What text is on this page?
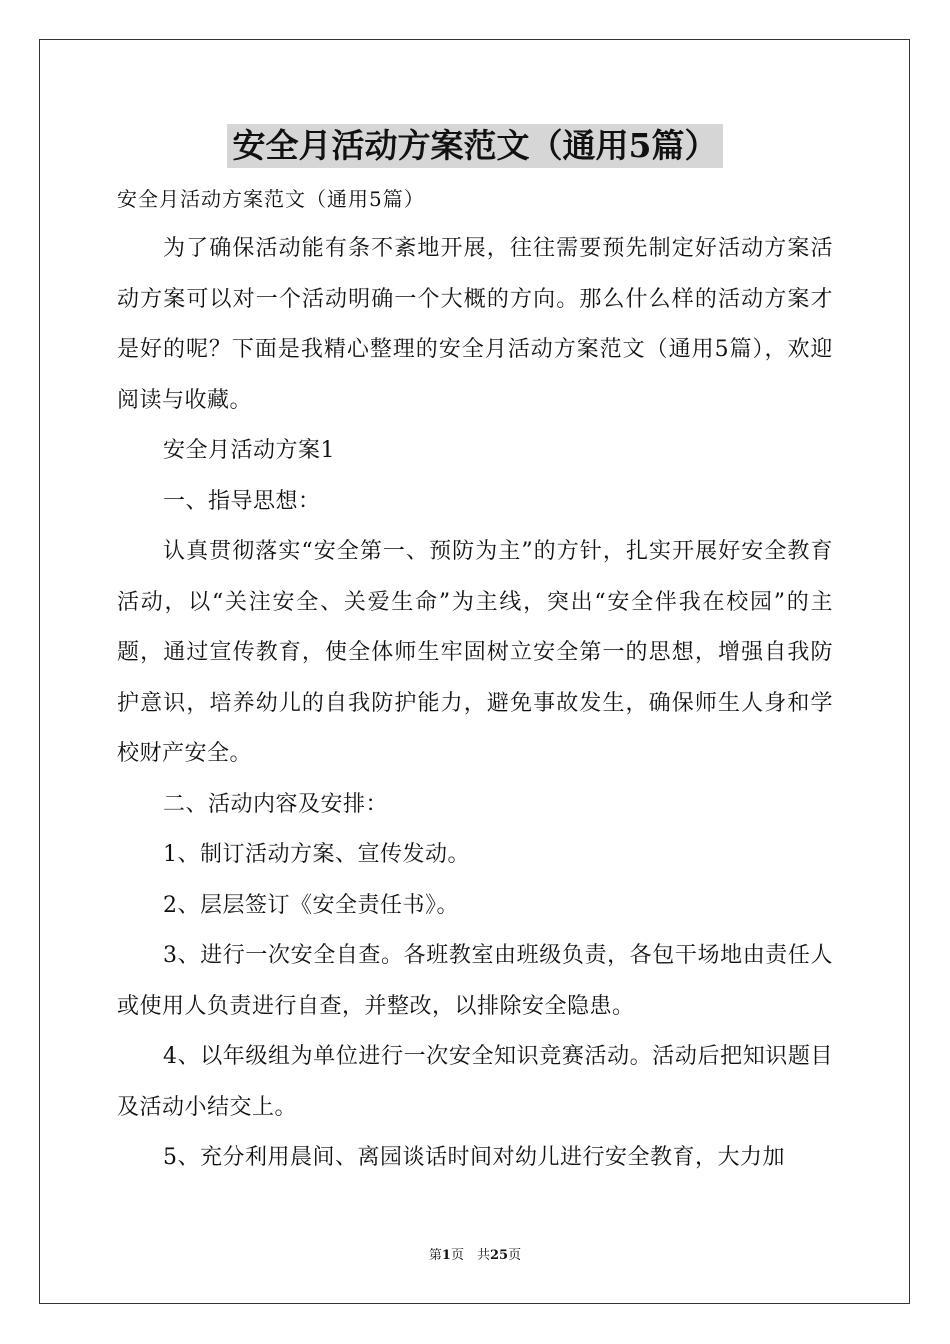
安全月活动方案范文（通用5篇）

安全月活动方案范文（通用5篇）

为了确保活动能有条不紊地开展，往往需要预先制定好活动方案活动方案可以对一个活动明确一个大概的方向。那么什么样的活动方案才是好的呢？下面是我精心整理的安全月活动方案范文（通用5篇），欢迎阅读与收藏。

安全月活动方案1

一、指导思想：

认真贯彻落实“安全第一、预防为主”的方针，扎实开展好安全教育活动，以“关注安全、关爱生命”为主线，突出“安全伴我在校园”的主题，通过宣传教育，使全体师生牢固树立安全第一的思想，增强自我防护意识，培养幼儿的自我防护能力，避免事故发生，确保师生人身和学校财产安全。

二、活动内容及安排：

1、制订活动方案、宣传发动。

2、层层签订《安全责任书》。

3、进行一次安全自查。各班教室由班级负责，各包干场地由责任人或使用人负责进行自查，并整改，以排除安全隐患。

4、以年级组为单位进行一次安全知识竞赛活动。活动后把知识题目及活动小结交上。

5、充分利用晨间、离园谈话时间对幼儿进行安全教育，大力加

第1页　共25页
